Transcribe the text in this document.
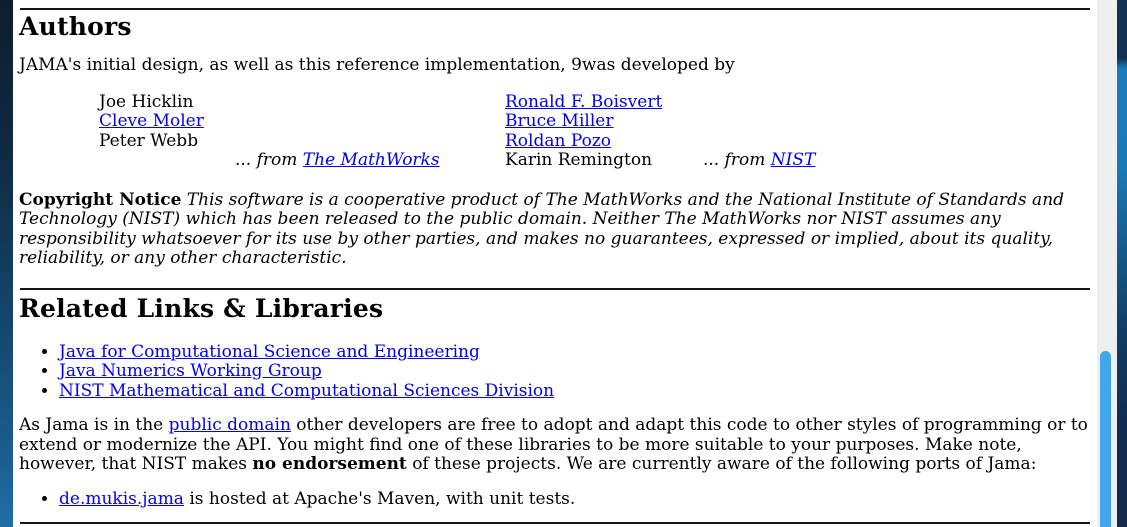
Authors

JAMA's initial design, as well as this reference implementation, 9was developed by

Joe Hicklin	Ronald F. Boisvert
Cleve Moler	Bruce Miller
Peter Webb	Roldan Pozo
... from The MathWorks	Karin Remington	... from NIST

Copyright Notice This software is a cooperative product of The MathWorks and the National Institute of Standards and Technology (NIST) which has been released to the public domain. Neither The MathWorks nor NIST assumes any responsibility whatsoever for its use by other parties, and makes no guarantees, expressed or implied, about its quality, reliability, or any other characteristic.

Related Links & Libraries
• Java for Computational Science and Engineering
• Java Numerics Working Group
• NIST Mathematical and Computational Sciences Division

As Jama is in the public domain other developers are free to adopt and adapt this code to other styles of programming or to extend or modernize the API. You might find one of these libraries to be more suitable to your purposes. Make note, however, that NIST makes no endorsement of these projects. We are currently aware of the following ports of Jama:

• de.mukis.jama is hosted at Apache's Maven, with unit tests.
